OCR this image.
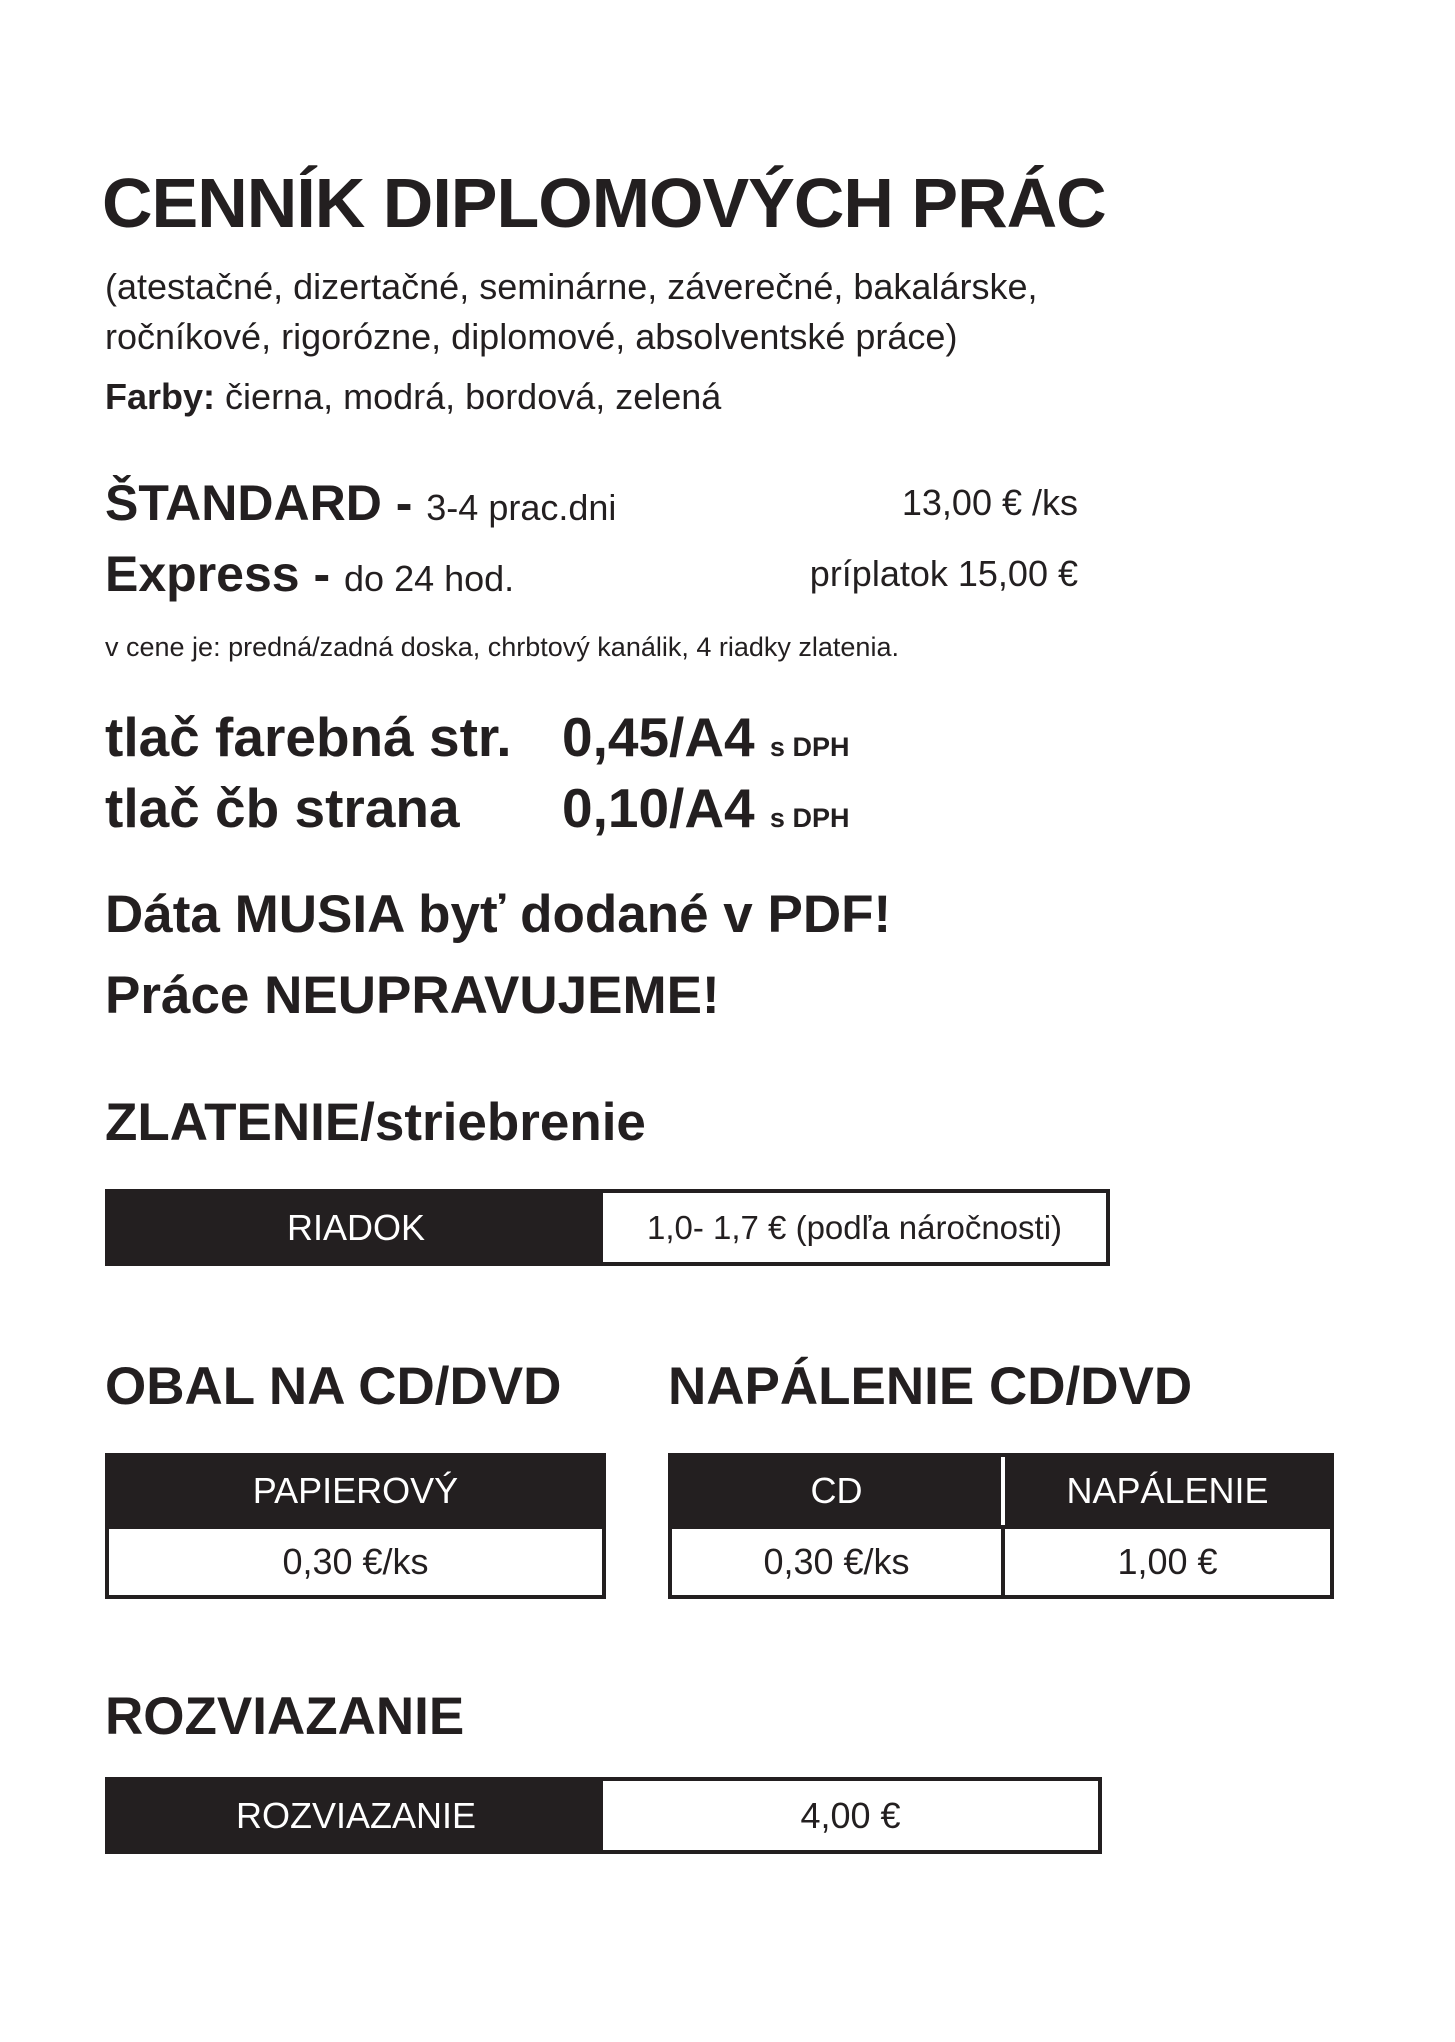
CENNÍK DIPLOMOVÝCH PRÁC
(atestačné, dizertačné, seminárne, záverečné, bakalárske,
ročníkové, rigorózne, diplomové, absolventské práce)
Farby: čierna, modrá, bordová, zelená
ŠTANDARD - 3-4 prac.dni	13,00 € /ks
Express - do 24 hod.	príplatok 15,00 €
v cene je: predná/zadná doska, chrbtový kanálik, 4 riadky zlatenia.
tlač farebná str. 0,45/A4 s DPH
tlač čb strana 0,10/A4 s DPH
Dáta MUSIA byť dodané v PDF!
Práce NEUPRAVUJEME!
ZLATENIE/striebrenie
RIADOK	1,0- 1,7 € (podľa náročnosti)
OBAL NA CD/DVD
PAPIEROVÝ
0,30 €/ks
NAPÁLENIE CD/DVD
CD	NAPÁLENIE
0,30 €/ks	1,00 €
ROZVIAZANIE
ROZVIAZANIE	4,00 €
